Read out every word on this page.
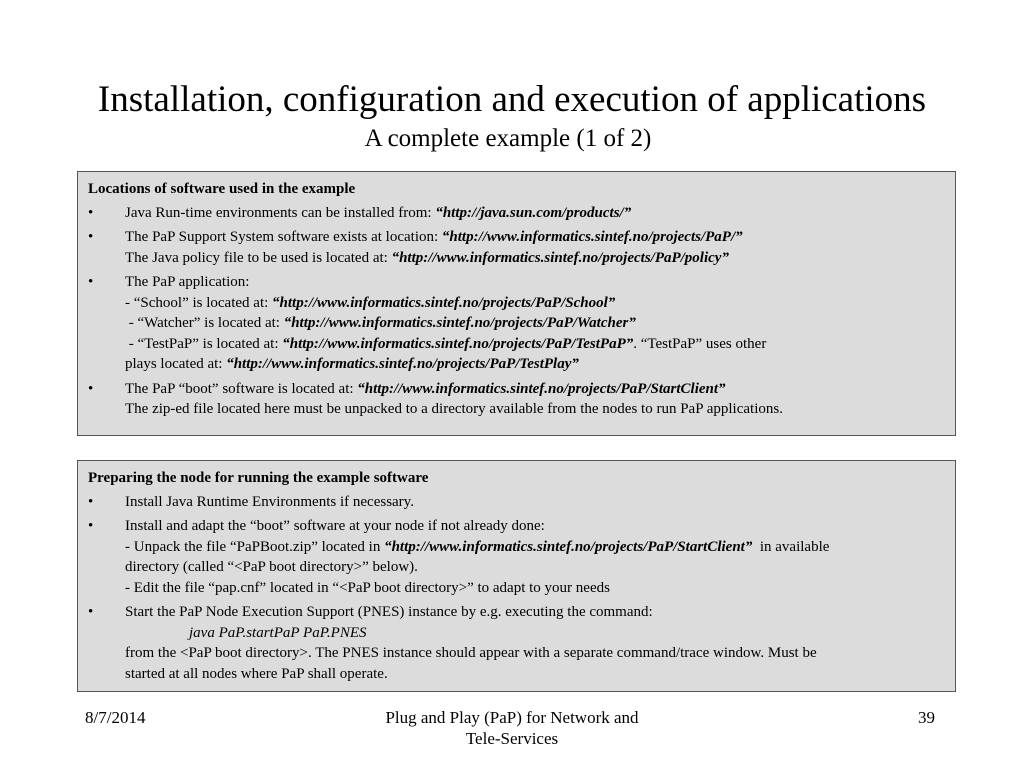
Installation, configuration and execution of applications
A complete example (1 of 2)
Locations of software used in the example
• Java Run-time environments can be installed from: “http://java.sun.com/products/”
• The PaP Support System software exists at location: “http://www.informatics.sintef.no/projects/PaP/”
The Java policy file to be used is located at: “http://www.informatics.sintef.no/projects/PaP/policy”
• The PaP application:
- “School” is located at: “http://www.informatics.sintef.no/projects/PaP/School”
- “Watcher” is located at: “http://www.informatics.sintef.no/projects/PaP/Watcher”
- “TestPaP” is located at: “http://www.informatics.sintef.no/projects/PaP/TestPaP”. “TestPaP” uses other
plays located at: “http://www.informatics.sintef.no/projects/PaP/TestPlay”
• The PaP “boot” software is located at: “http://www.informatics.sintef.no/projects/PaP/StartClient”
The zip-ed file located here must be unpacked to a directory available from the nodes to run PaP applications.
Preparing the node for running the example software
• Install Java Runtime Environments if necessary.
• Install and adapt the “boot” software at your node if not already done:
- Unpack the file “PaPBoot.zip” located in “http://www.informatics.sintef.no/projects/PaP/StartClient”  in available
directory (called “<PaP boot directory>” below).
- Edit the file “pap.cnf” located in “<PaP boot directory>” to adapt to your needs
• Start the PaP Node Execution Support (PNES) instance by e.g. executing the command:
java PaP.startPaP PaP.PNES
from the <PaP boot directory>. The PNES instance should appear with a separate command/trace window. Must be
started at all nodes where PaP shall operate.
8/7/2014	Plug and Play (PaP) for Network and
Tele-Services
39
